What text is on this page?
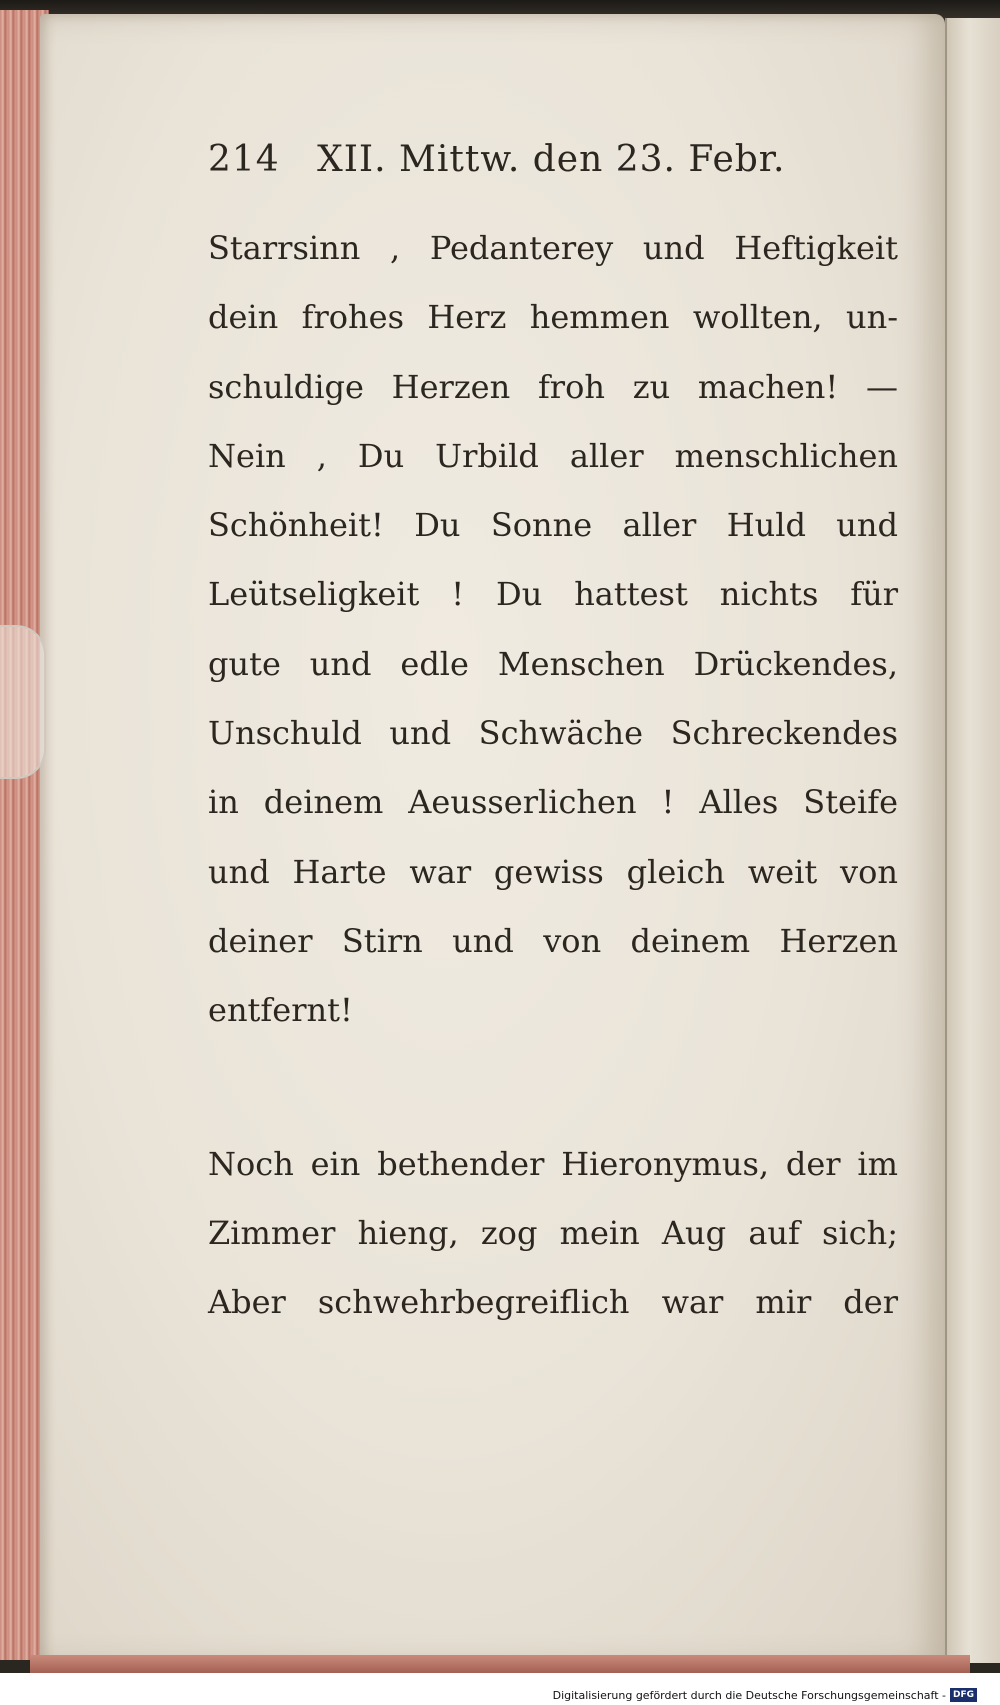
214 XII. Mittw. den 23. Febr.
Starrsinn , Pedanterey und Heftigkeit
dein frohes Herz hemmen wollten, un-
schuldige Herzen froh zu machen! —
Nein , Du Urbild aller menschlichen
Schönheit! Du Sonne aller Huld und
Leütseligkeit ! Du hattest nichts für
gute und edle Menschen Drückendes,
Unschuld und Schwäche Schreckendes
in deinem Aeusserlichen ! Alles Steife
und Harte war gewiss gleich weit von
deiner Stirn und von deinem Herzen
entfernt!
Noch ein bethender Hieronymus, der im
Zimmer hieng, zog mein Aug auf sich;
Aber schwehrbegreiflich war mir der
Digitalisierung gefördert durch die Deutsche Forschungsgemeinschaft - DFG
